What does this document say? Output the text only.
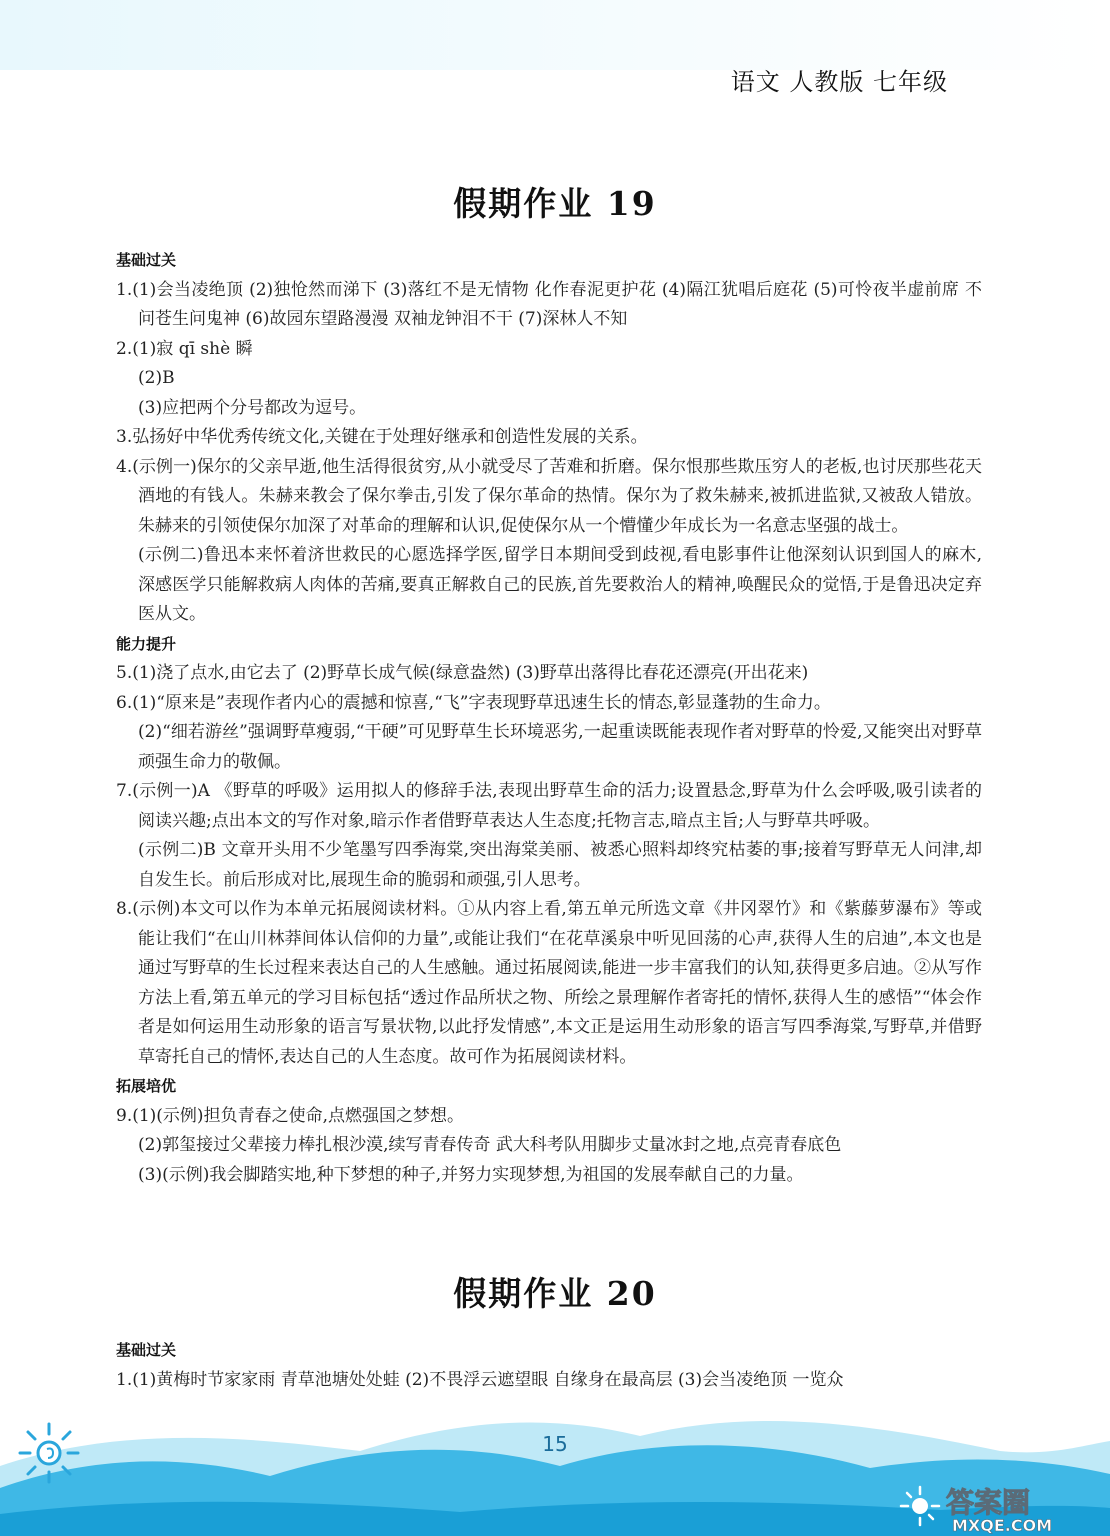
语文 人教版 七年级
假期作业 19
基础过关
1.(1)会当凌绝顶 (2)独怆然而涕下 (3)落红不是无情物 化作春泥更护花 (4)隔江犹唱后庭花 (5)可怜夜半虚前席 不问苍生问鬼神 (6)故园东望路漫漫 双袖龙钟泪不干 (7)深林人不知
2.(1)寂 qī shè 瞬
(2)B
(3)应把两个分号都改为逗号。
3.弘扬好中华优秀传统文化,关键在于处理好继承和创造性发展的关系。
4.(示例一)保尔的父亲早逝,他生活得很贫穷,从小就受尽了苦难和折磨。保尔恨那些欺压穷人的老板,也讨厌那些花天酒地的有钱人。朱赫来教会了保尔拳击,引发了保尔革命的热情。保尔为了救朱赫来,被抓进监狱,又被敌人错放。朱赫来的引领使保尔加深了对革命的理解和认识,促使保尔从一个懵懂少年成长为一名意志坚强的战士。
(示例二)鲁迅本来怀着济世救民的心愿选择学医,留学日本期间受到歧视,看电影事件让他深刻认识到国人的麻木,深感医学只能解救病人肉体的苦痛,要真正解救自己的民族,首先要救治人的精神,唤醒民众的觉悟,于是鲁迅决定弃医从文。
能力提升
5.(1)浇了点水,由它去了 (2)野草长成气候(绿意盎然) (3)野草出落得比春花还漂亮(开出花来)
6.(1)“原来是”表现作者内心的震撼和惊喜,“飞”字表现野草迅速生长的情态,彰显蓬勃的生命力。
(2)“细若游丝”强调野草瘦弱,“干硬”可见野草生长环境恶劣,一起重读既能表现作者对野草的怜爱,又能突出对野草顽强生命力的敬佩。
7.(示例一)A 《野草的呼吸》运用拟人的修辞手法,表现出野草生命的活力;设置悬念,野草为什么会呼吸,吸引读者的阅读兴趣;点出本文的写作对象,暗示作者借野草表达人生态度;托物言志,暗点主旨;人与野草共呼吸。
(示例二)B 文章开头用不少笔墨写四季海棠,突出海棠美丽、被悉心照料却终究枯萎的事;接着写野草无人问津,却自发生长。前后形成对比,展现生命的脆弱和顽强,引人思考。
8.(示例)本文可以作为本单元拓展阅读材料。①从内容上看,第五单元所选文章《井冈翠竹》和《紫藤萝瀑布》等或能让我们“在山川林莽间体认信仰的力量”,或能让我们“在花草溪泉中听见回荡的心声,获得人生的启迪”,本文也是通过写野草的生长过程来表达自己的人生感触。通过拓展阅读,能进一步丰富我们的认知,获得更多启迪。②从写作方法上看,第五单元的学习目标包括“透过作品所状之物、所绘之景理解作者寄托的情怀,获得人生的感悟”“体会作者是如何运用生动形象的语言写景状物,以此抒发情感”,本文正是运用生动形象的语言写四季海棠,写野草,并借野草寄托自己的情怀,表达自己的人生态度。故可作为拓展阅读材料。
拓展培优
9.(1)(示例)担负青春之使命,点燃强国之梦想。
(2)郭玺接过父辈接力棒扎根沙漠,续写青春传奇 武大科考队用脚步丈量冰封之地,点亮青春底色
(3)(示例)我会脚踏实地,种下梦想的种子,并努力实现梦想,为祖国的发展奉献自己的力量。
假期作业 20
基础过关
1.(1)黄梅时节家家雨 青草池塘处处蛙 (2)不畏浮云遮望眼 自缘身在最高层 (3)会当凌绝顶 一览众
15
答案圈
MXQE.COM
